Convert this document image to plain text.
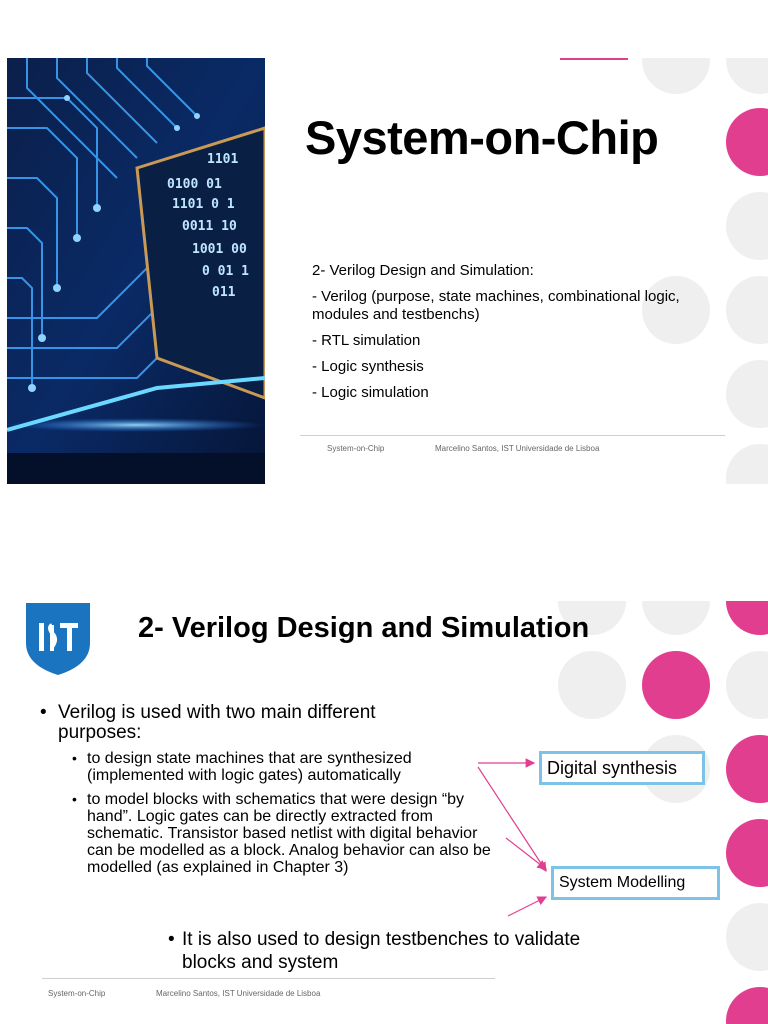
1101
0100 01
1101 0 1
0011 10
1001 00
0 01 1
011
System-on-Chip
2- Verilog Design and Simulation:
- Verilog (purpose, state machines, combinational logic, modules and testbenchs)
- RTL simulation
- Logic synthesis
- Logic simulation
System-on-Chip	Marcelino Santos, IST Universidade de Lisboa
2- Verilog Design and Simulation
• Verilog is used with two main different purposes:
• to design state machines that are synthesized (implemented with logic gates) automatically
• to model blocks with schematics that were design “by hand”. Logic gates can be directly extracted from schematic. Transistor based netlist with digital behavior can be modelled as a block. Analog behavior can also be modelled (as explained in Chapter 3)
Digital synthesis
System Modelling
• It is also used to design testbenches to validate blocks and system
System-on-Chip	Marcelino Santos, IST Universidade de Lisboa
